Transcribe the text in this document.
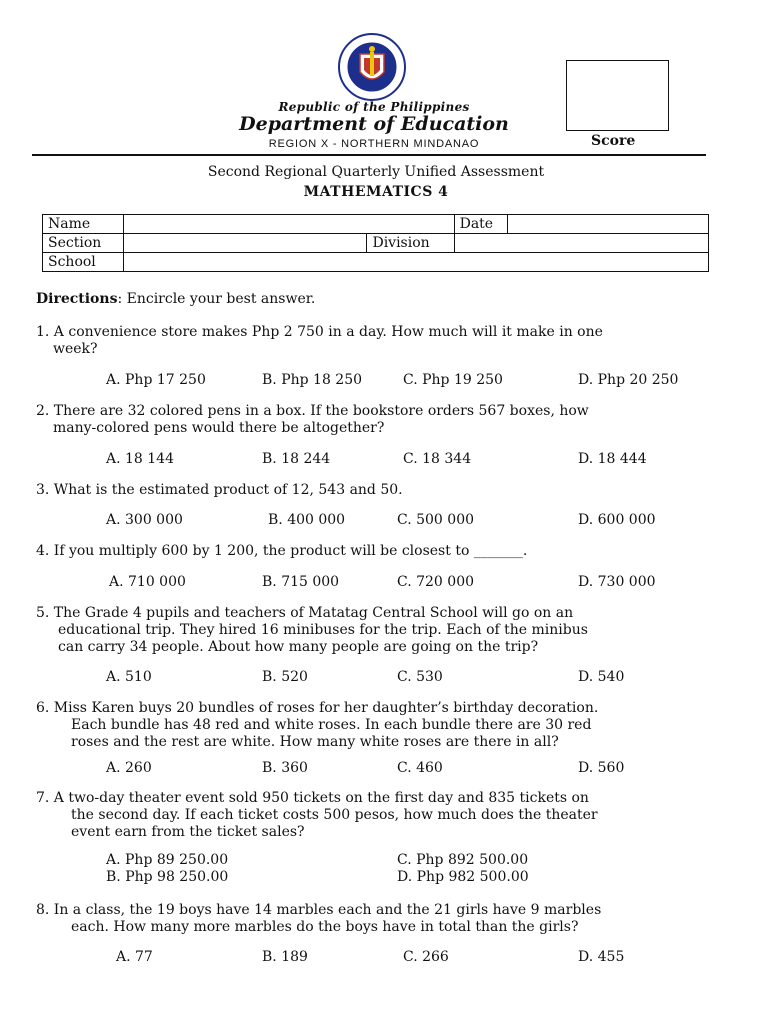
Republic of the Philippines
Department of Education
REGION X - NORTHERN MINDANAO	Score
Second Regional Quarterly Unified Assessment
MATHEMATICS 4
Name			Date	
Section		Division		
School				
Directions: Encircle your best answer.
1. A convenience store makes Php 2 750 in a day. How much will it make in one
week?
A. Php 17 250	B. Php 18 250	C. Php 19 250	D. Php 20 250
2. There are 32 colored pens in a box. If the bookstore orders 567 boxes, how
many-colored pens would there be altogether?
A. 18 144	B. 18 244	C. 18 344	D. 18 444
3. What is the estimated product of 12, 543 and 50.
A. 300 000	B. 400 000	C. 500 000	D. 600 000
4. If you multiply 600 by 1 200, the product will be closest to _______.
A. 710 000	B. 715 000	C. 720 000	D. 730 000
5. The Grade 4 pupils and teachers of Matatag Central School will go on an
educational trip. They hired 16 minibuses for the trip. Each of the minibus
can carry 34 people. About how many people are going on the trip?
A. 510	B. 520	C. 530	D. 540
6. Miss Karen buys 20 bundles of roses for her daughter’s birthday decoration.
Each bundle has 48 red and white roses. In each bundle there are 30 red
roses and the rest are white. How many white roses are there in all?
A. 260	B. 360	C. 460	D. 560
7. A two-day theater event sold 950 tickets on the first day and 835 tickets on
the second day. If each ticket costs 500 pesos, how much does the theater
event earn from the ticket sales?
A. Php 89 250.00
B. Php 98 250.00
C. Php 892 500.00
D. Php 982 500.00
8. In a class, the 19 boys have 14 marbles each and the 21 girls have 9 marbles
each. How many more marbles do the boys have in total than the girls?
A. 77	B. 189	C. 266	D. 455
